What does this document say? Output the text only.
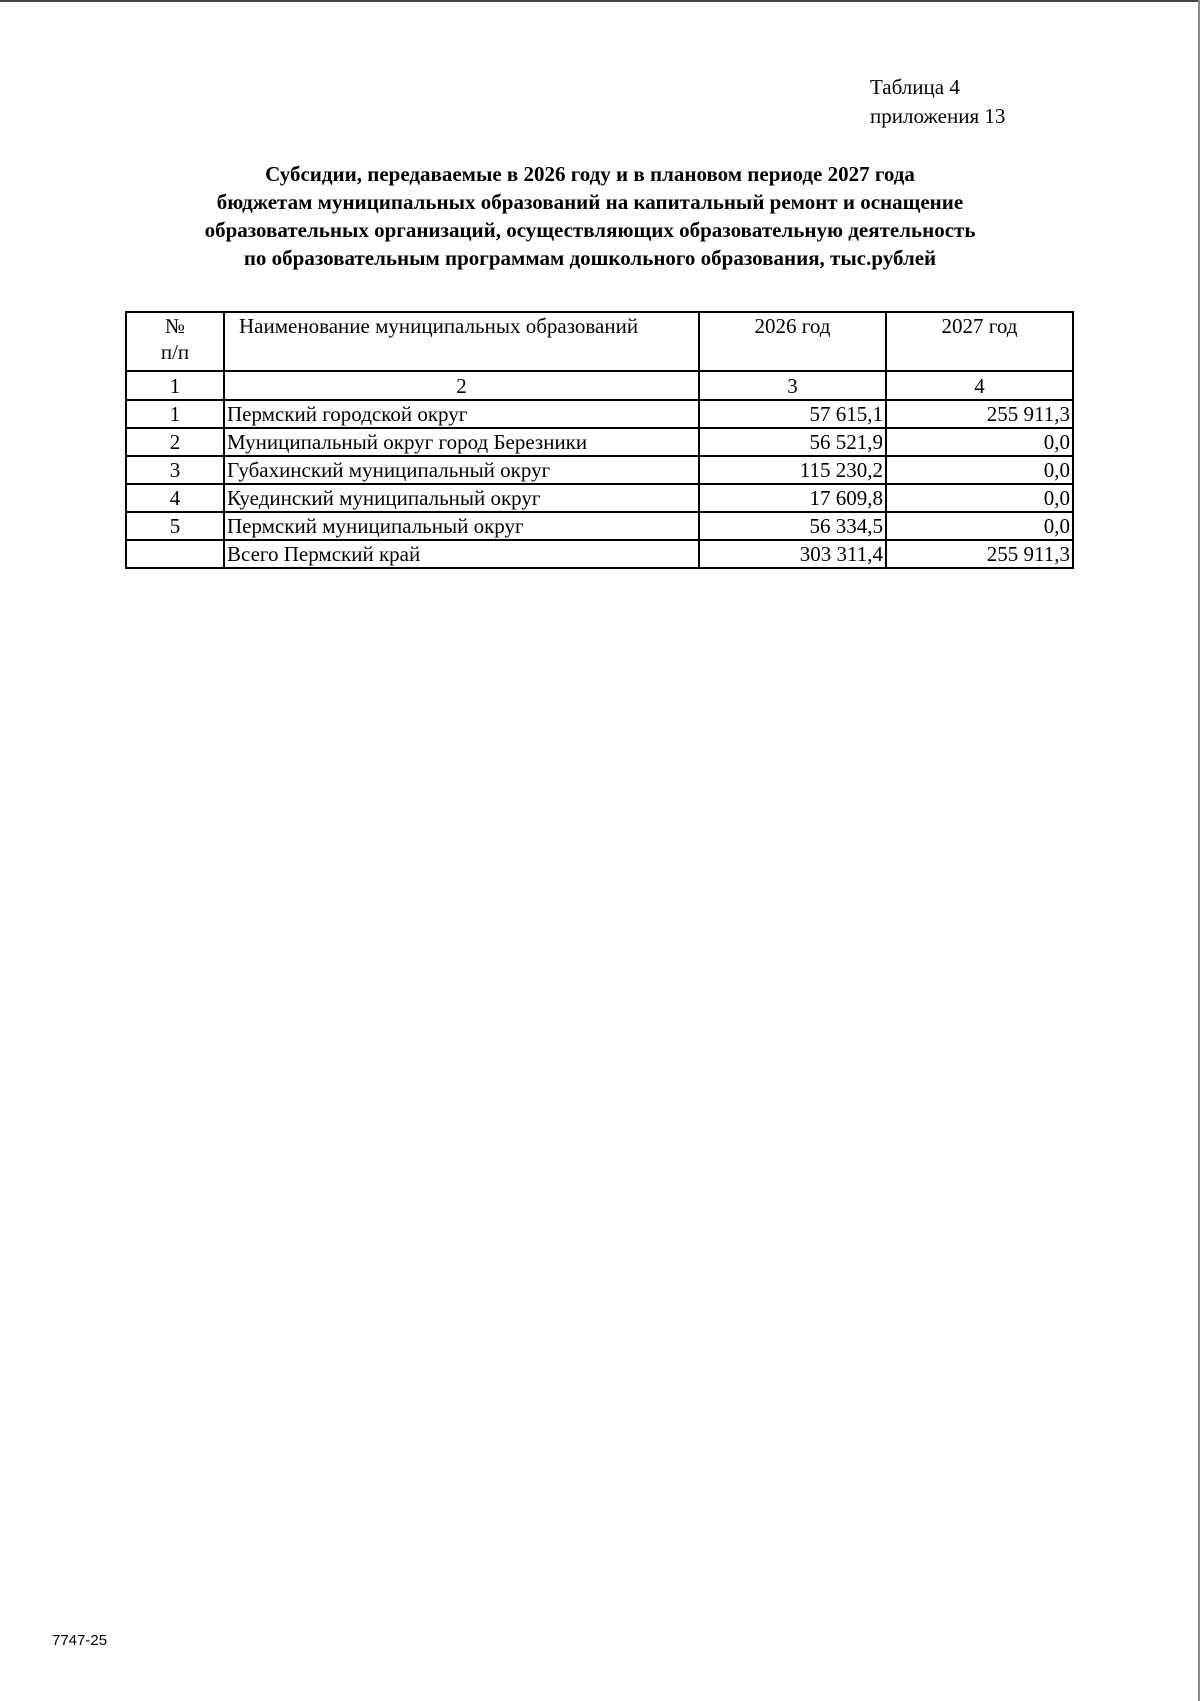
Таблица 4
приложения 13
Субсидии, передаваемые в 2026 году и в плановом периоде 2027 года
бюджетам муниципальных образований на капитальный ремонт и оснащение
образовательных организаций, осуществляющих образовательную деятельность
по образовательным программам дошкольного образования, тыс.рублей
№
п/п	Наименование муниципальных образований	2026 год	2027 год
1	2	3	4
1	Пермский городской округ	57 615,1	255 911,3
2	Муниципальный округ город Березники	56 521,9	0,0
3	Губахинский муниципальный округ	115 230,2	0,0
4	Куединский муниципальный округ	17 609,8	0,0
5	Пермский муниципальный округ	56 334,5	0,0
	Всего Пермский край	303 311,4	255 911,3
7747-25
